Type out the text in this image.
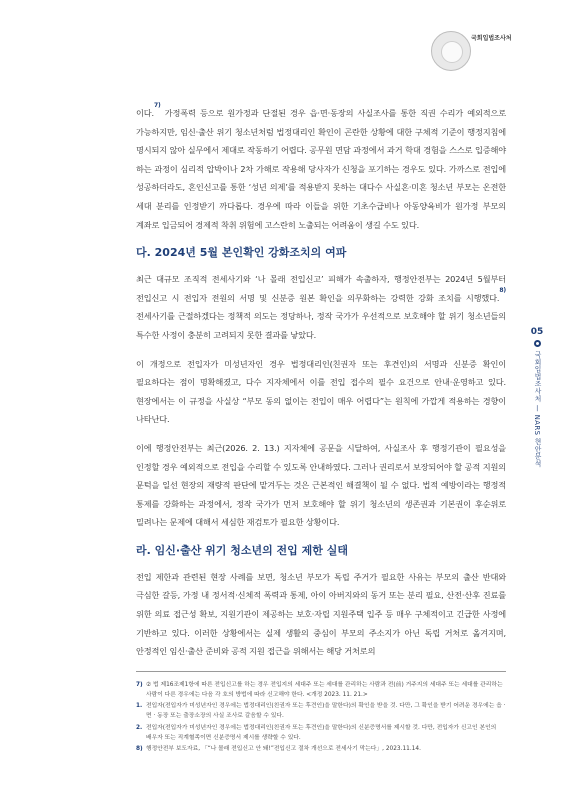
국회입법조사처
05
국회입법조사처 — NARS 현안분석

이다.$^{7)}$ 가정폭력 등으로 원가정과 단절된 경우 읍·면·동장의 사실조사를 통한 직권 수리가 예외적으로 가능하지만, 임신·출산 위기 청소년처럼 법정대리인 확인이 곤란한 상황에 대한 구체적 기준이 행정지침에 명시되지 않아 실무에서 제대로 작동하기 어렵다. 공무원 면담 과정에서 과거 학대 경험을 스스로 입증해야 하는 과정이 심리적 압박이나 2차 가해로 작용해 당사자가 신청을 포기하는 경우도 있다. 가까스로 전입에 성공하더라도, 혼인신고를 통한 ‘성년 의제’를 적용받지 못하는 대다수 사실혼·미혼 청소년 부모는 온전한 세대 분리를 인정받기 까다롭다. 경우에 따라 이들을 위한 기초수급비나 아동양육비가 원가정 부모의 계좌로 입금되어 경제적 착취 위험에 고스란히 노출되는 어려움이 생길 수도 있다.

다. 2024년 5월 본인확인 강화조치의 여파

최근 대규모 조직적 전세사기와 ‘나 몰래 전입신고’ 피해가 속출하자, 행정안전부는 2024년 5월부터 전입신고 시 전입자 전원의 서명 및 신분증 원본 확인을 의무화하는 강력한 강화 조치를 시행했다.$^{8)}$ 전세사기를 근절하겠다는 정책적 의도는 정당하나, 정작 국가가 우선적으로 보호해야 할 위기 청소년들의 특수한 사정이 충분히 고려되지 못한 결과를 낳았다.

이 개정으로 전입자가 미성년자인 경우 법정대리인(친권자 또는 후견인)의 서명과 신분증 확인이 필요하다는 점이 명확해졌고, 다수 지자체에서 이를 전입 접수의 필수 요건으로 안내·운영하고 있다. 현장에서는 이 규정을 사실상 “부모 동의 없이는 전입이 매우 어렵다”는 원칙에 가깝게 적용하는 경향이 나타난다.

이에 행정안전부는 최근(2026. 2. 13.) 지자체에 공문을 시달하여, 사실조사 후 행정기관이 필요성을 인정할 경우 예외적으로 전입을 수리할 수 있도록 안내하였다. 그러나 권리로서 보장되어야 할 공적 지원의 문턱을 일선 현장의 재량적 판단에 맡겨두는 것은 근본적인 해결책이 될 수 없다. 법적 예방이라는 행정적 통제를 강화하는 과정에서, 정작 국가가 먼저 보호해야 할 위기 청소년의 생존권과 기본권이 후순위로 밀려나는 문제에 대해서 세심한 재검토가 필요한 상황이다.

라. 임신·출산 위기 청소년의 전입 제한 실태

전입 제한과 관련된 현장 사례를 보면, 청소년 부모가 독립 주거가 필요한 사유는 부모의 출산 반대와 극심한 갈등, 가정 내 정서적·신체적 폭력과 통제, 아이 아버지와의 동거 또는 분리 필요, 산전·산후 진료를 위한 의료 접근성 확보, 지원기관이 제공하는 보호·자립 지원주택 입주 등 매우 구체적이고 긴급한 사정에 기반하고 있다. 이러한 상황에서는 실제 생활의 중심이 부모의 주소지가 아닌 독립 거처로 옮겨지며, 안정적인 임신·출산 준비와 공적 지원 접근을 위해서는 해당 거처로의

7) ② 법 제16조제1항에 따른 전입신고를 하는 경우 전입지의 세대주 또는 세대를 관리하는 사람과 전(前) 거주지의 세대주 또는 세대를 관리하는 사람이 다른 경우에는 다음 각 호의 방법에 따라 신고해야 한다. <개정 2023. 11. 21.>
1. 전입자(전입자가 미성년자인 경우에는 법정대리인(친권자 또는 후견인)을 말한다)의 확인을 받을 것. 다만, 그 확인을 받기 어려운 경우에는 읍 · 면 · 동장 또는 출장소장의 사실 조사로 갈음할 수 있다.
2. 전입자(전입자가 미성년자인 경우에는 법정대리인(친권자 또는 후견인)을 말한다)의 신분증명서를 제시할 것. 다만, 전입자가 신고인 본인의 배우자 또는 직계혈족이면 신분증명서 제시를 생략할 수 있다.
8) 행정안전부 보도자료, 「“나 몰래 전입신고 안 돼!”전입신고 절차 개선으로 전세사기 막는다」, 2023.11.14.
